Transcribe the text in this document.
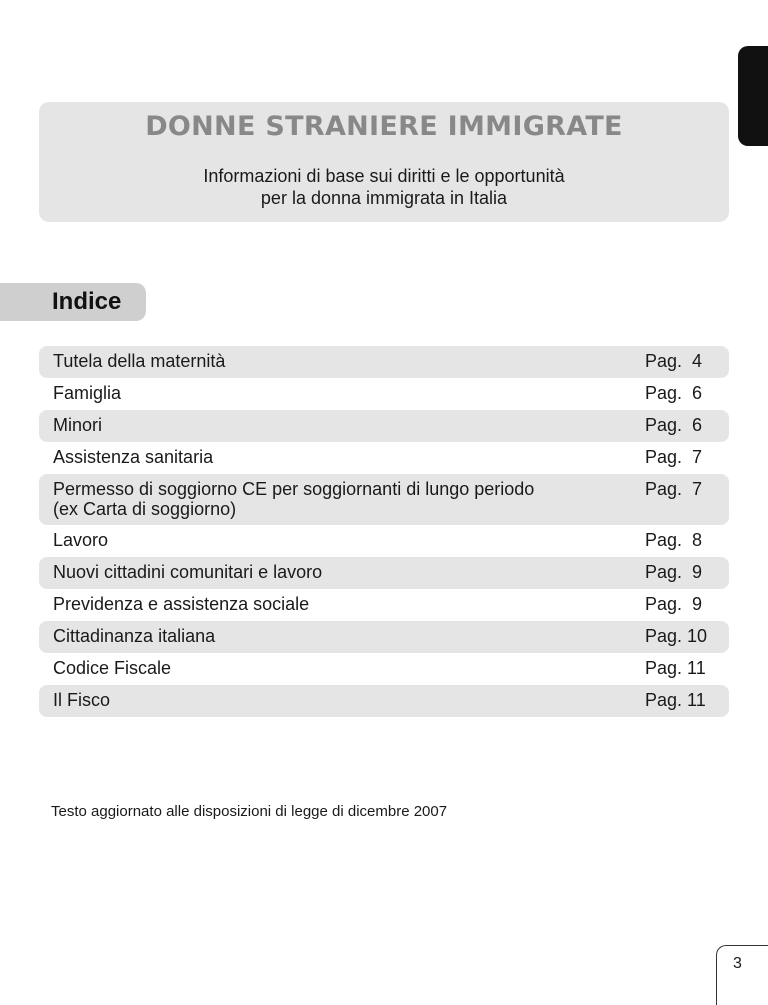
DONNE STRANIERE IMMIGRATE
Informazioni di base sui diritti e le opportunità
per la donna immigrata in Italia
Indice
Tutela della maternità	Pag.  4
Famiglia	Pag.  6
Minori	Pag.  6
Assistenza sanitaria	Pag.  7
Permesso di soggiorno CE per soggiornanti di lungo periodo
(ex Carta di soggiorno)
Pag.  7
Lavoro	Pag.  8
Nuovi cittadini comunitari e lavoro	Pag.  9
Previdenza e assistenza sociale	Pag.  9
Cittadinanza italiana	Pag. 10
Codice Fiscale	Pag. 11
Il Fisco	Pag. 11
Testo aggiornato alle disposizioni di legge di dicembre 2007
3
